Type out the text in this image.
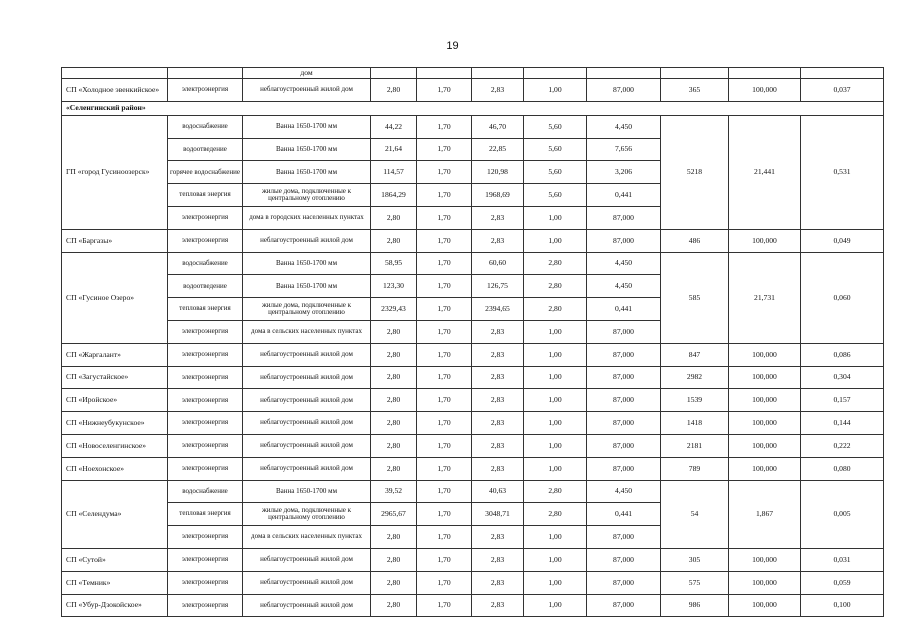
19
		дом								
СП «Холодное эвенкийское»	электроэнергия	неблагоустроенный жилой дом	2,80	1,70	2,83	1,00	87,000	365	100,000	0,037
«Селенгинский район»										
ГП «город Гусиноозерск»	водоснабжение	Ванна 1650-1700 мм	44,22	1,70	46,70	5,60	4,450	5218	21,441	0,531
	водоотведение	Ванна 1650-1700 мм	21,64	1,70	22,85	5,60	7,656			
	горячее водоснабжение	Ванна 1650-1700 мм	114,57	1,70	120,98	5,60	3,206			
	тепловая энергия	жилые дома, подключенные к центральному отоплению	1864,29	1,70	1968,69	5,60	0,441			
	электроэнергия	дома в городских населенных пунктах	2,80	1,70	2,83	1,00	87,000			
СП «Баргазы»	электроэнергия	неблагоустроенный жилой дом	2,80	1,70	2,83	1,00	87,000	486	100,000	0,049
СП «Гусиное Озеро»	водоснабжение	Ванна 1650-1700 мм	58,95	1,70	60,60	2,80	4,450	585	21,731	0,060
	водоотведение	Ванна 1650-1700 мм	123,30	1,70	126,75	2,80	4,450			
	тепловая энергия	жилые дома, подключенные к центральному отоплению	2329,43	1,70	2394,65	2,80	0,441			
	электроэнергия	дома в сельских населенных пунктах	2,80	1,70	2,83	1,00	87,000			
СП «Жаргалант»	электроэнергия	неблагоустроенный жилой дом	2,80	1,70	2,83	1,00	87,000	847	100,000	0,086
СП «Загустайское»	электроэнергия	неблагоустроенный жилой дом	2,80	1,70	2,83	1,00	87,000	2982	100,000	0,304
СП «Иройское»	электроэнергия	неблагоустроенный жилой дом	2,80	1,70	2,83	1,00	87,000	1539	100,000	0,157
СП «Нижнеубукунское»	электроэнергия	неблагоустроенный жилой дом	2,80	1,70	2,83	1,00	87,000	1418	100,000	0,144
СП «Новоселенгинское»	электроэнергия	неблагоустроенный жилой дом	2,80	1,70	2,83	1,00	87,000	2181	100,000	0,222
СП «Ноехонское»	электроэнергия	неблагоустроенный жилой дом	2,80	1,70	2,83	1,00	87,000	789	100,000	0,080
СП «Селендума»	водоснабжение	Ванна 1650-1700 мм	39,52	1,70	40,63	2,80	4,450	54	1,867	0,005
	тепловая энергия	жилые дома, подключенные к центральному отоплению	2965,67	1,70	3048,71	2,80	0,441			
	электроэнергия	дома в сельских населенных пунктах	2,80	1,70	2,83	1,00	87,000			
СП «Сутой»	электроэнергия	неблагоустроенный жилой дом	2,80	1,70	2,83	1,00	87,000	305	100,000	0,031
СП «Темник»	электроэнергия	неблагоустроенный жилой дом	2,80	1,70	2,83	1,00	87,000	575	100,000	0,059
СП «Убур-Дзокойское»	электроэнергия	неблагоустроенный жилой дом	2,80	1,70	2,83	1,00	87,000	986	100,000	0,100
